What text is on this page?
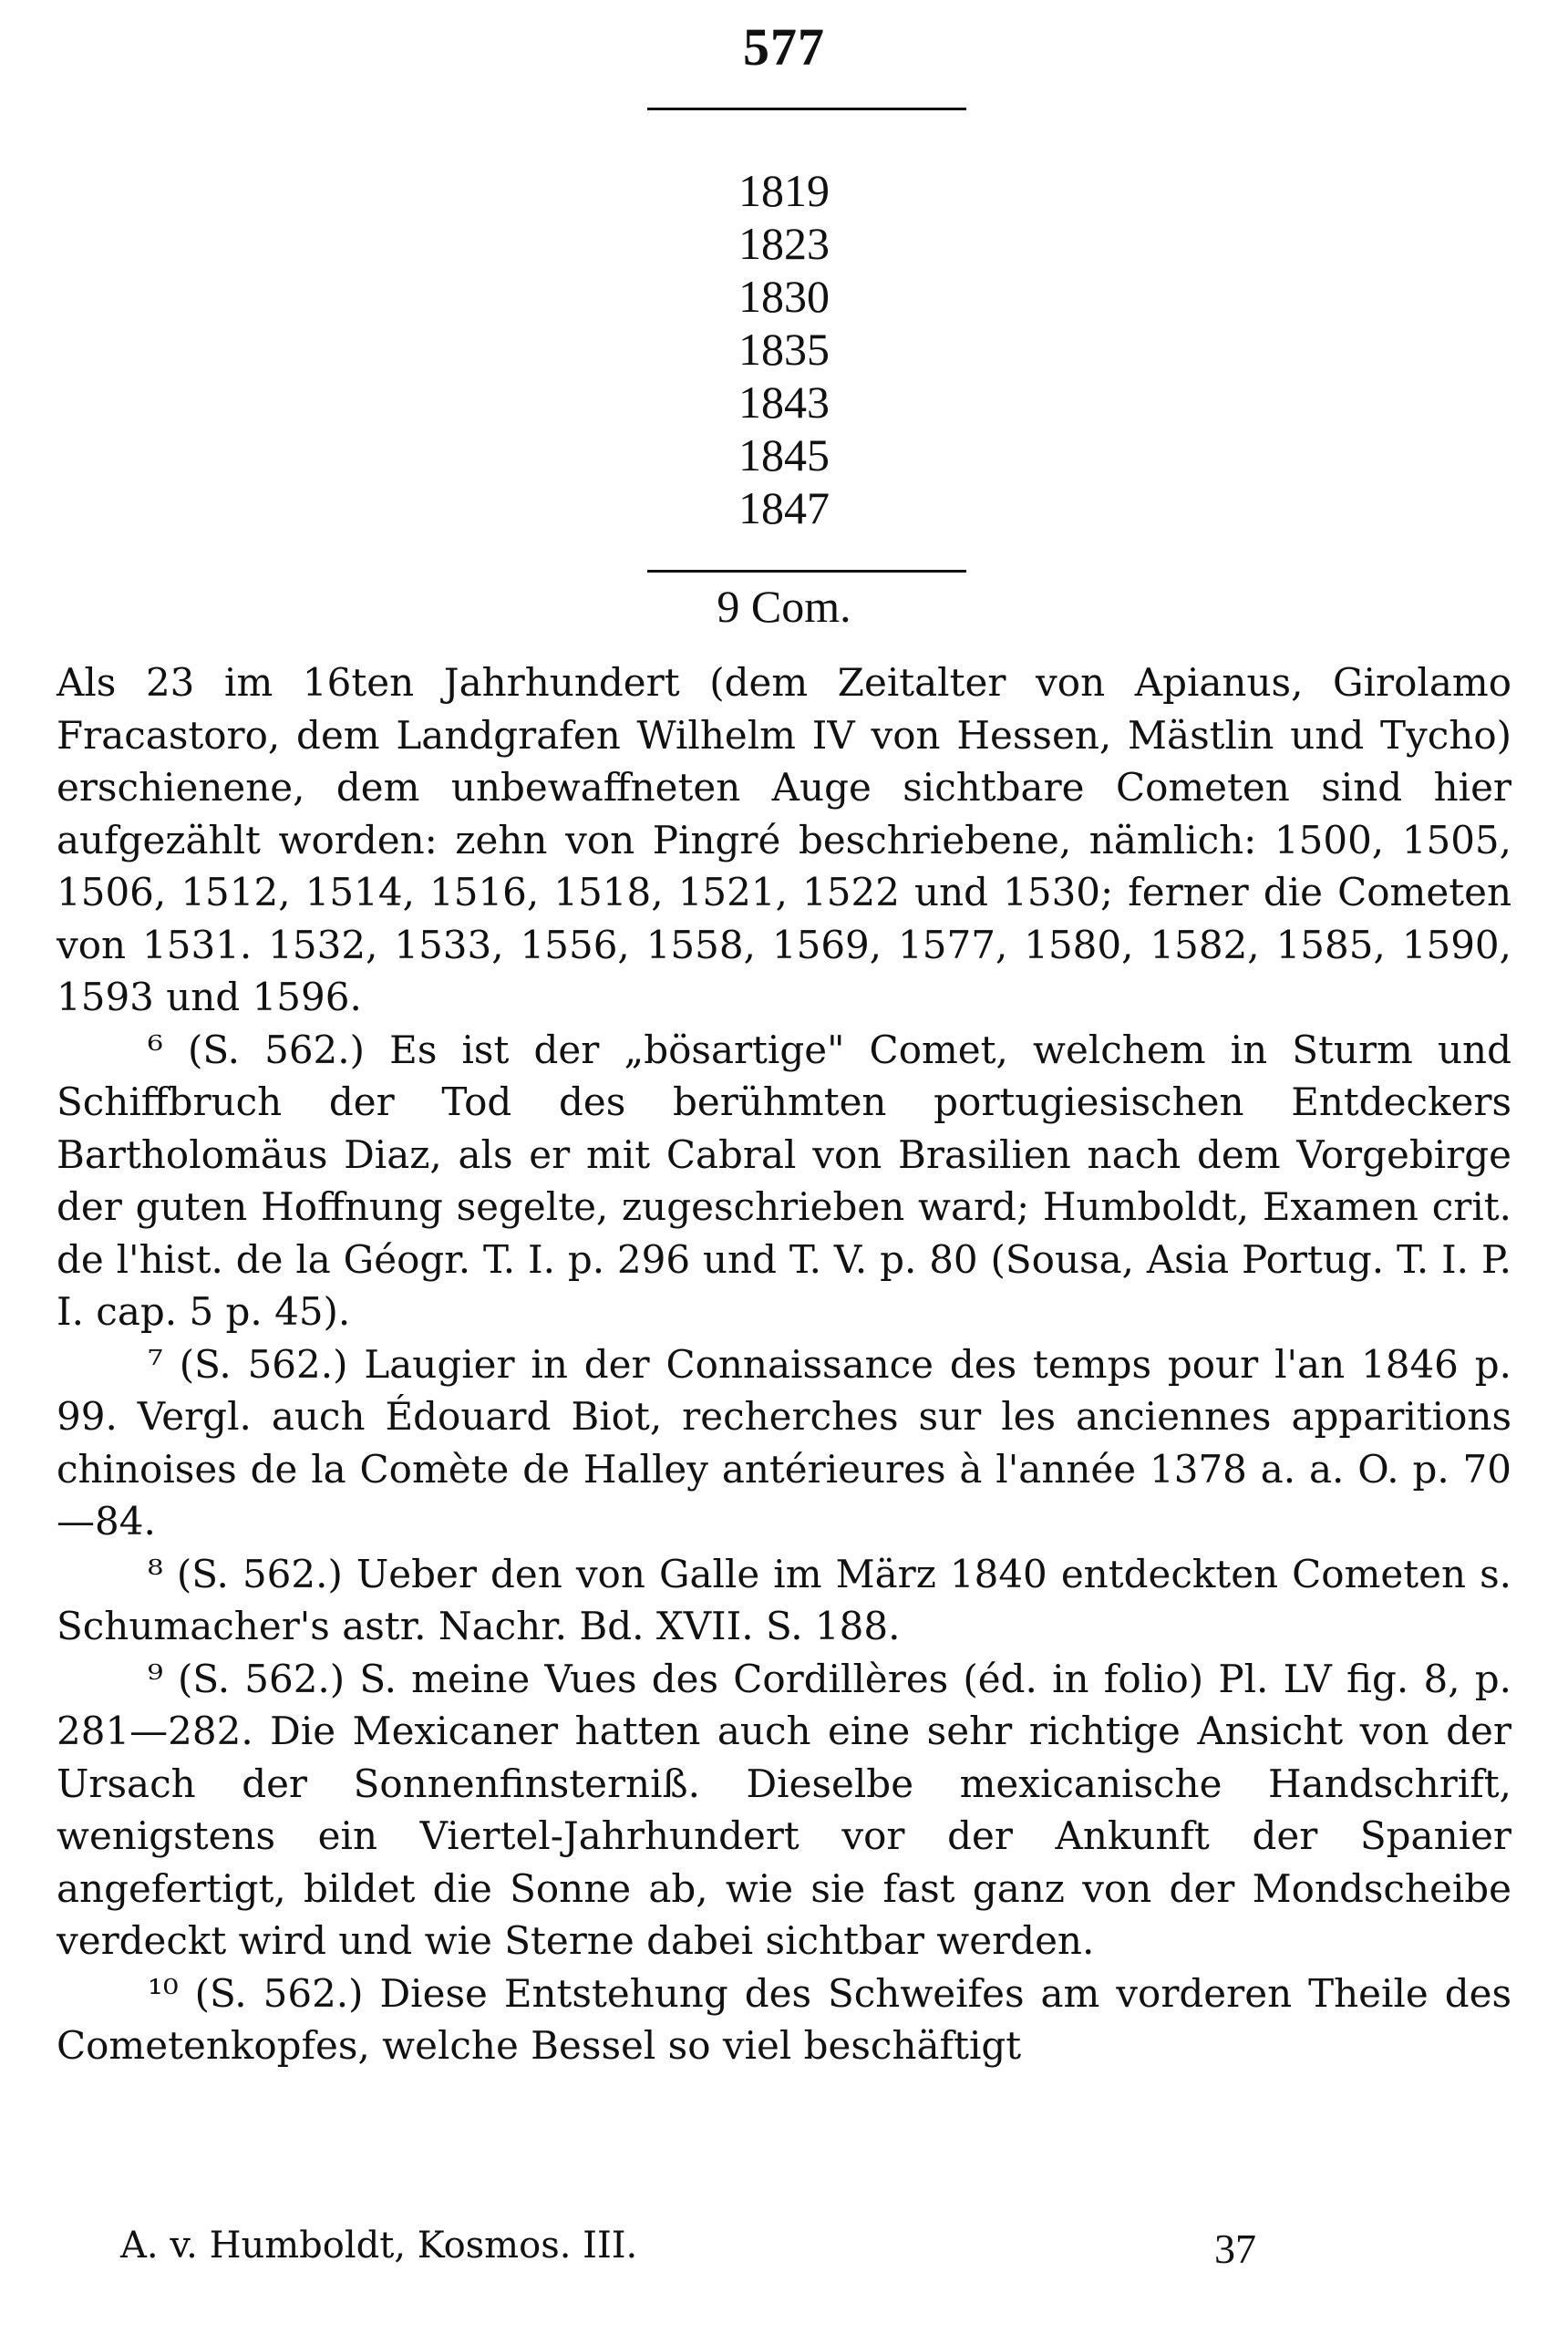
577
1819
1823
1830
1835
1843
1845
1847
9 Com.

Als 23 im 16ten Jahrhundert (dem Zeitalter von Apianus, Girolamo Fracastoro, dem Landgrafen Wilhelm IV von Hessen, Mästlin und Tycho) erschienene, dem unbewaffneten Auge sichtbare Cometen sind hier aufgezählt worden: zehn von Pingré beschriebene, nämlich: 1500, 1505, 1506, 1512, 1514, 1516, 1518, 1521, 1522 und 1530; ferner die Cometen von 1531. 1532, 1533, 1556, 1558, 1569, 1577, 1580, 1582, 1585, 1590, 1593 und 1596.

⁶ (S. 562.) Es ist der „bösartige" Comet, welchem in Sturm und Schiffbruch der Tod des berühmten portugiesischen Entdeckers Bartholomäus Diaz, als er mit Cabral von Brasilien nach dem Vorgebirge der guten Hoffnung segelte, zugeschrieben ward; Humboldt, Examen crit. de l'hist. de la Géogr. T. I. p. 296 und T. V. p. 80 (Sousa, Asia Portug. T. I. P. I. cap. 5 p. 45).

⁷ (S. 562.) Laugier in der Connaissance des temps pour l'an 1846 p. 99. Vergl. auch Édouard Biot, recherches sur les anciennes apparitions chinoises de la Comète de Halley antérieures à l'année 1378 a. a. O. p. 70—84.

⁸ (S. 562.) Ueber den von Galle im März 1840 entdeckten Cometen s. Schumacher's astr. Nachr. Bd. XVII. S. 188.

⁹ (S. 562.) S. meine Vues des Cordillères (éd. in folio) Pl. LV fig. 8, p. 281—282. Die Mexicaner hatten auch eine sehr richtige Ansicht von der Ursach der Sonnenfinsterniß. Dieselbe mexicanische Handschrift, wenigstens ein Viertel-Jahrhundert vor der Ankunft der Spanier angefertigt, bildet die Sonne ab, wie sie fast ganz von der Mondscheibe verdeckt wird und wie Sterne dabei sichtbar werden.

¹⁰ (S. 562.) Diese Entstehung des Schweifes am vorderen Theile des Cometenkopfes, welche Bessel so viel beschäftigt

A. v. Humboldt, Kosmos. III.	37
